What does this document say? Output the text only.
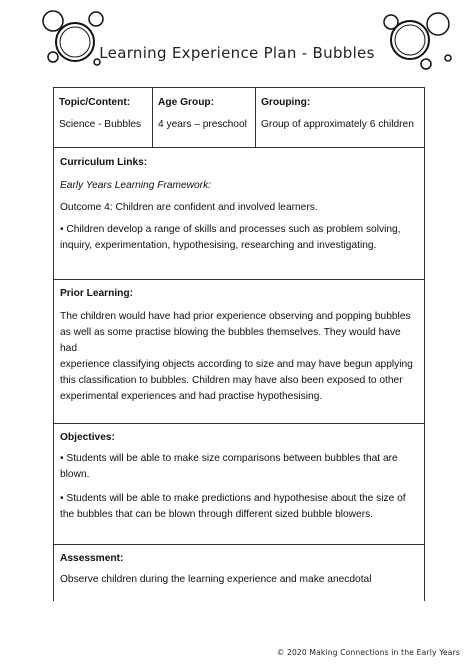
Learning Experience Plan - Bubbles
Topic/Content:
Science - Bubbles
Age Group:
4 years – preschool
Grouping:
Group of approximately 6 children
Curriculum Links:

Early Years Learning Framework:

Outcome 4: Children are confident and involved learners.

• Children develop a range of skills and processes such as problem solving,

inquiry, experimentation, hypothesising, researching and investigating.

Prior Learning:

The children would have had prior experience observing and popping bubbles

as well as some practise blowing the bubbles themselves. They would have had

experience classifying objects according to size and may have begun applying

this classification to bubbles. Children may have also been exposed to other

experimental experiences and had practise hypothesising.

Objectives:

• Students will be able to make size comparisons between bubbles that are

blown.

• Students will be able to make predictions and hypothesise about the size of

the bubbles that can be blown through different sized bubble blowers.

Assessment:

Observe children during the learning experience and make anecdotal

© 2020 Making Connections in the Early Years
